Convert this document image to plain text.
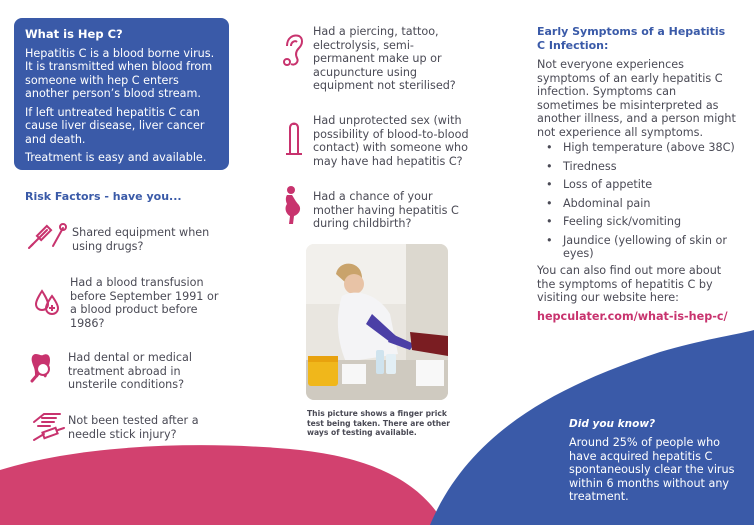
What is Hep C?

Hepatitis C is a blood borne virus. It is transmitted when blood from someone with hep C enters another person’s blood stream.

If left untreated hepatitis C can cause liver disease, liver cancer and death.

Treatment is easy and available.

Risk Factors - have you...
Shared equipment when using drugs?
Had a blood transfusion before September 1991 or a blood product before 1986?
Had dental or medical treatment abroad in unsterile conditions?
Not been tested after a needle stick injury?
Had a piercing, tattoo, electrolysis, semi-permanent make up or acupuncture using equipment not sterilised?
Had unprotected sex (with possibility of blood-to-blood contact) with someone who may have had hepatitis C?
Had a chance of your mother having hepatitis C during childbirth?
This picture shows a finger prick test being taken. There are other ways of testing available.
Early Symptoms of a Hepatitis C Infection:
Not everyone experiences symptoms of an early hepatitis C infection. Symptoms can sometimes be misinterpreted as another illness, and a person might not experience all symptoms.
• High temperature (above 38C)
• Tiredness
• Loss of appetite
• Abdominal pain
• Feeling sick/vomiting
• Jaundice (yellowing of skin or eyes)
You can also find out more about the symptoms of hepatitis C by visiting our website here:
hepculater.com/what-is-hep-c/
Did you know?
Around 25% of people who have acquired hepatitis C spontaneously clear the virus within 6 months without any treatment.
